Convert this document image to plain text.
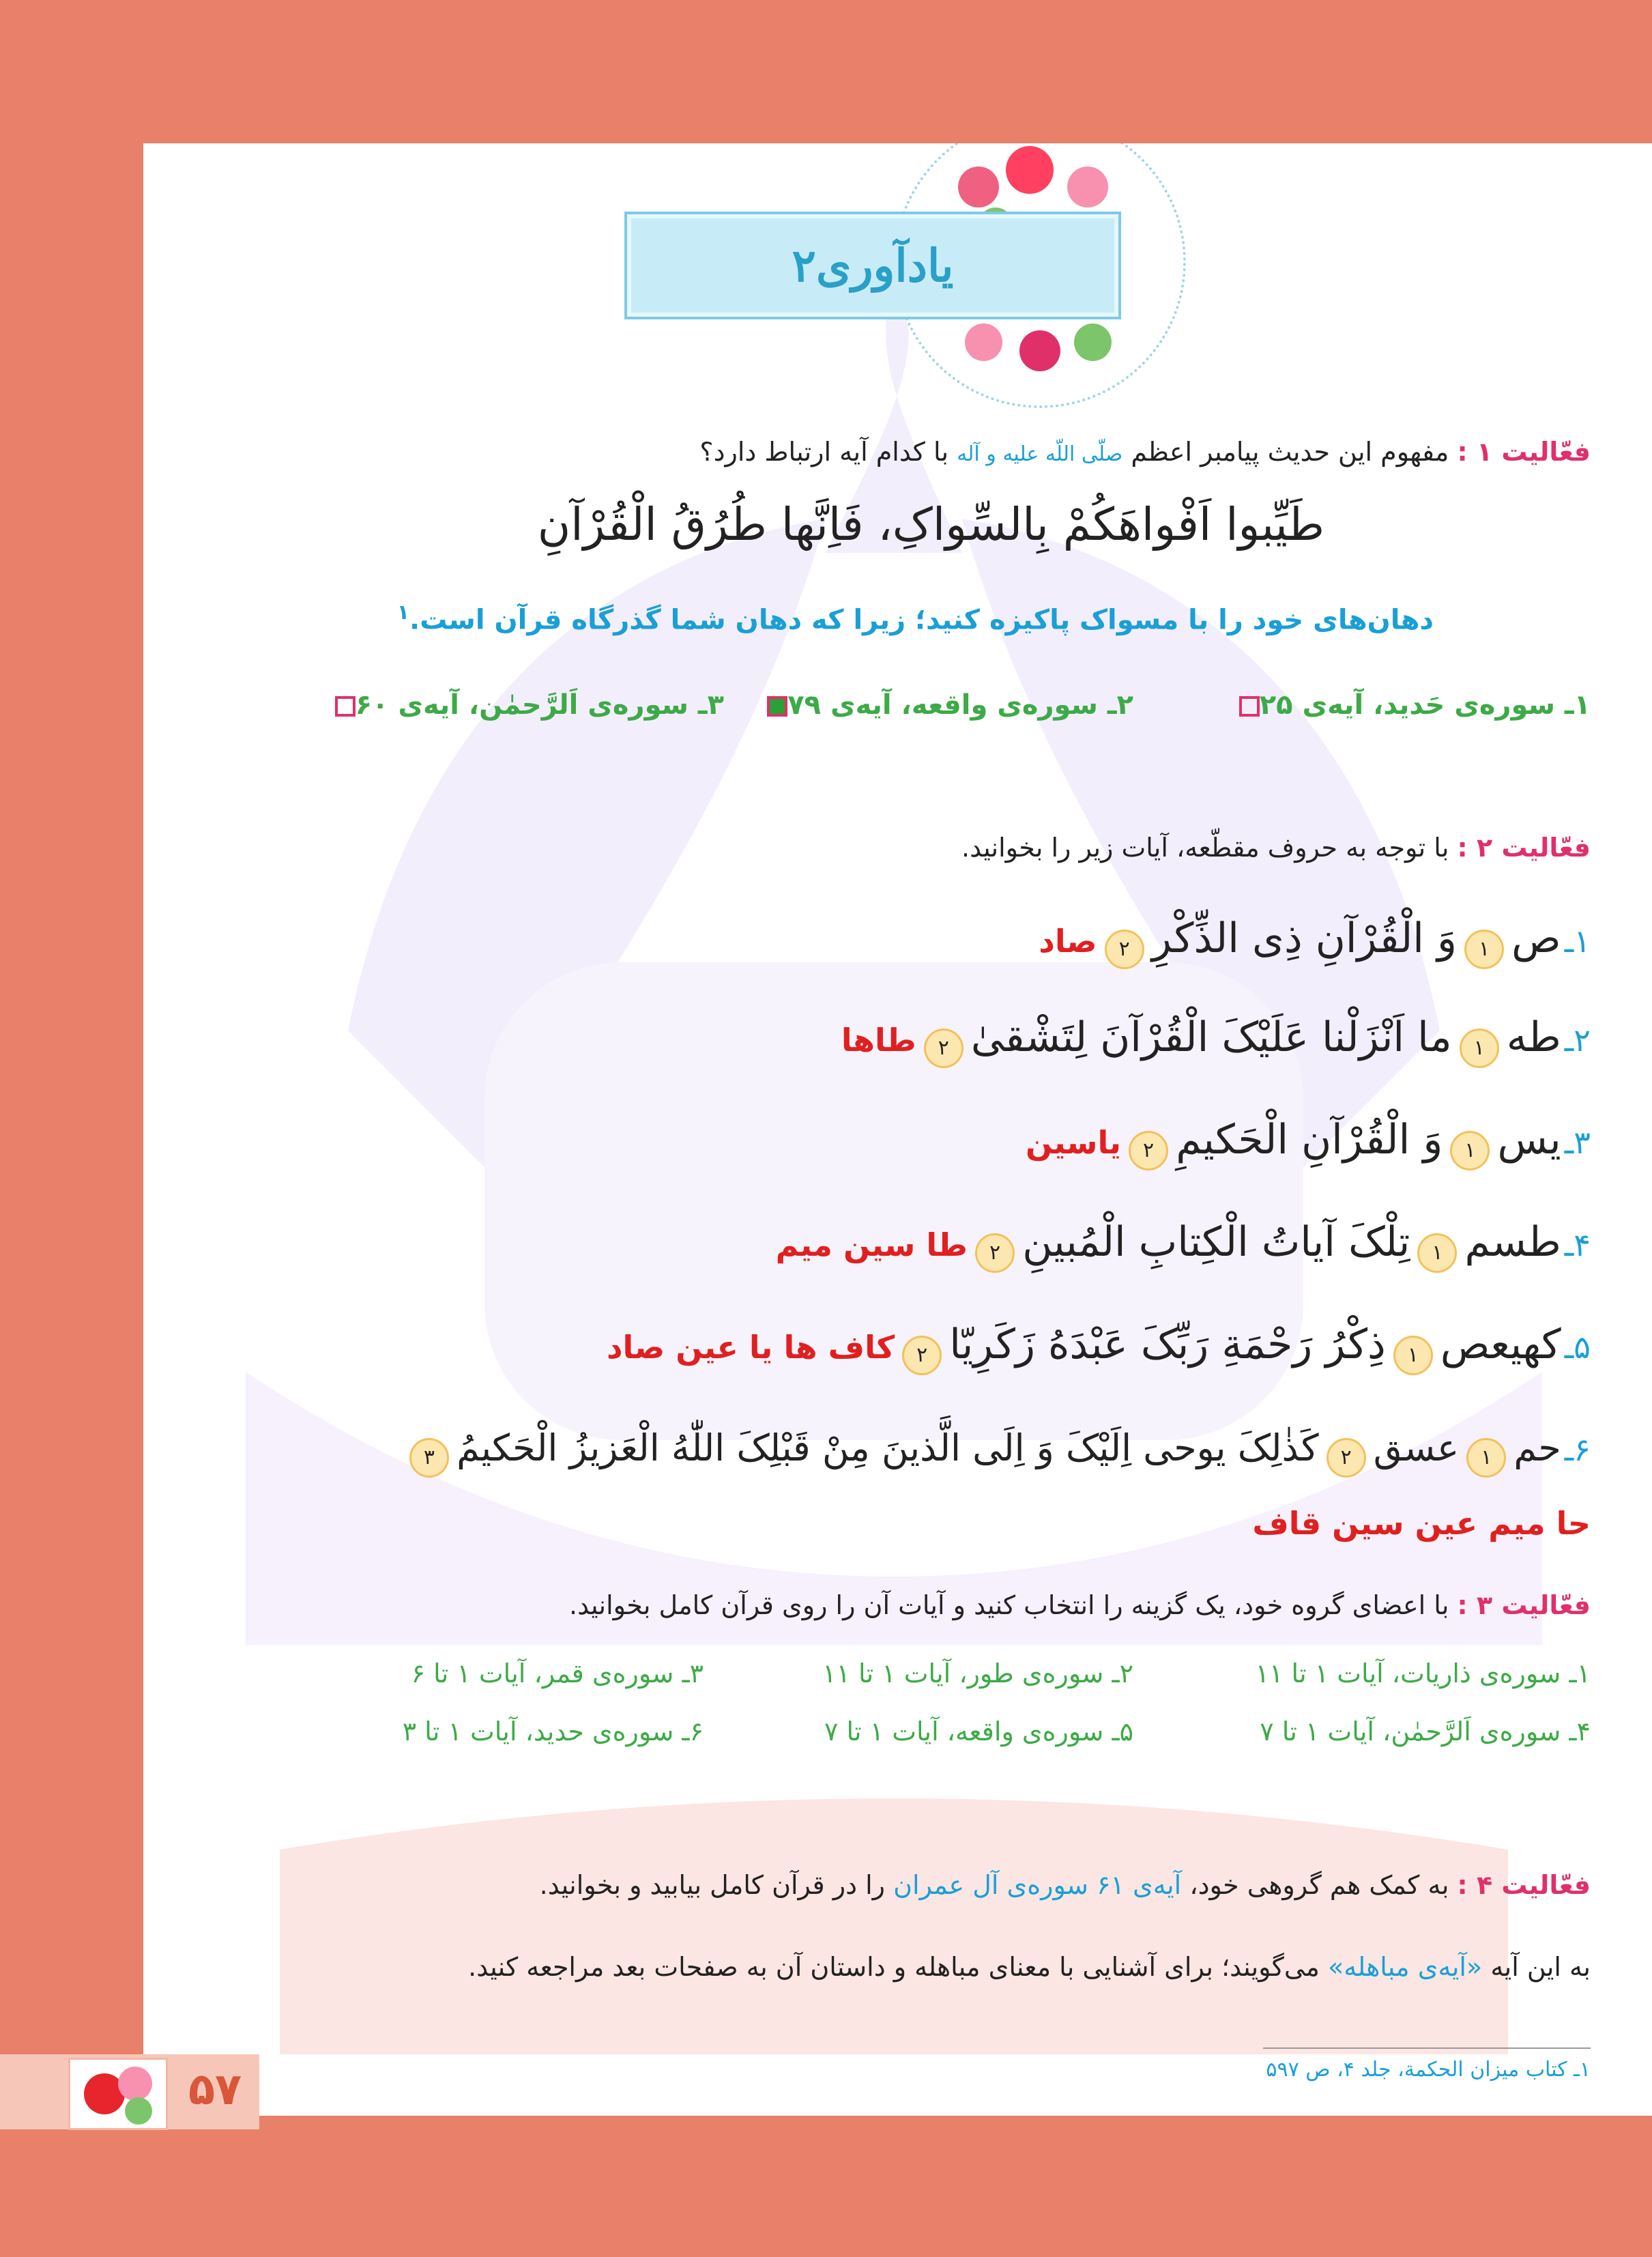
یادآوری۲
فعّالیت ۱ : مفهوم این حدیث پیامبر اعظم صلّی اللّه علیه و آله با کدام آیه ارتباط دارد؟
طَیِّبوا اَفْواهَکُمْ بِالسِّواکِ، فَاِنَّها طُرُقُ الْقُرْآنِ
دهان‌های خود را با مسواک پاکیزه کنید؛ زیرا که دهان شما گذرگاه قرآن است.$^۱$
۱ـ سوره‌ی حَدید، آیه‌ی ۲۵
۲ـ سوره‌ی واقعه، آیه‌ی ۷۹
۳ـ سوره‌ی اَلرَّحمٰن، آیه‌ی ۶۰
فعّالیت ۲ : با توجه به حروف مقطّعه، آیات زیر را بخوانید.
۱ـ ص ۱ وَ الْقُرْآنِ ذِی الذِّکْرِ ۲ صاد
۲ـ طه ۱ ما اَنْزَلْنا عَلَیْکَ الْقُرْآنَ لِتَشْقیٰ ۲ طاها
۳ـ یس ۱ وَ الْقُرْآنِ الْحَکیمِ ۲ یاسین
۴ـ طسم ۱ تِلْکَ آیاتُ الْکِتابِ الْمُبینِ ۲ طا سین میم
۵ـ کهیعص ۱ ذِکْرُ رَحْمَةِ رَبِّکَ عَبْدَهُ زَکَرِیّا ۲ کاف ها یا عین صاد
۶ـ حم ۱ عسق ۲ کَذٰلِکَ یوحی اِلَیْکَ وَ اِلَی الَّذینَ مِنْ قَبْلِکَ اللّٰهُ الْعَزیزُ الْحَکیمُ ۳
حا میم عین سین قاف
فعّالیت ۳ : با اعضای گروه خود، یک گزینه را انتخاب کنید و آیات آن را روی قرآن کامل بخوانید.
۱ـ سوره‌ی ذاریات، آیات ۱ تا ۱۱
۲ـ سوره‌ی طور، آیات ۱ تا ۱۱
۳ـ سوره‌ی قمر، آیات ۱ تا ۶
۴ـ سوره‌ی اَلرَّحمٰن، آیات ۱ تا ۷
۵ـ سوره‌ی واقعه، آیات ۱ تا ۷
۶ـ سوره‌ی حدید، آیات ۱ تا ۳
فعّالیت ۴ : به کمک هم گروهی خود، آیه‌ی ۶۱ سوره‌ی آل عمران را در قرآن کامل بیابید و بخوانید.
به این آیه «آیه‌ی مباهله» می‌گویند؛ برای آشنایی با معنای مباهله و داستان آن به صفحات بعد مراجعه کنید.
۱ـ کتاب میزان الحکمة، جلد ۴، ص ۵۹۷
۵۷
